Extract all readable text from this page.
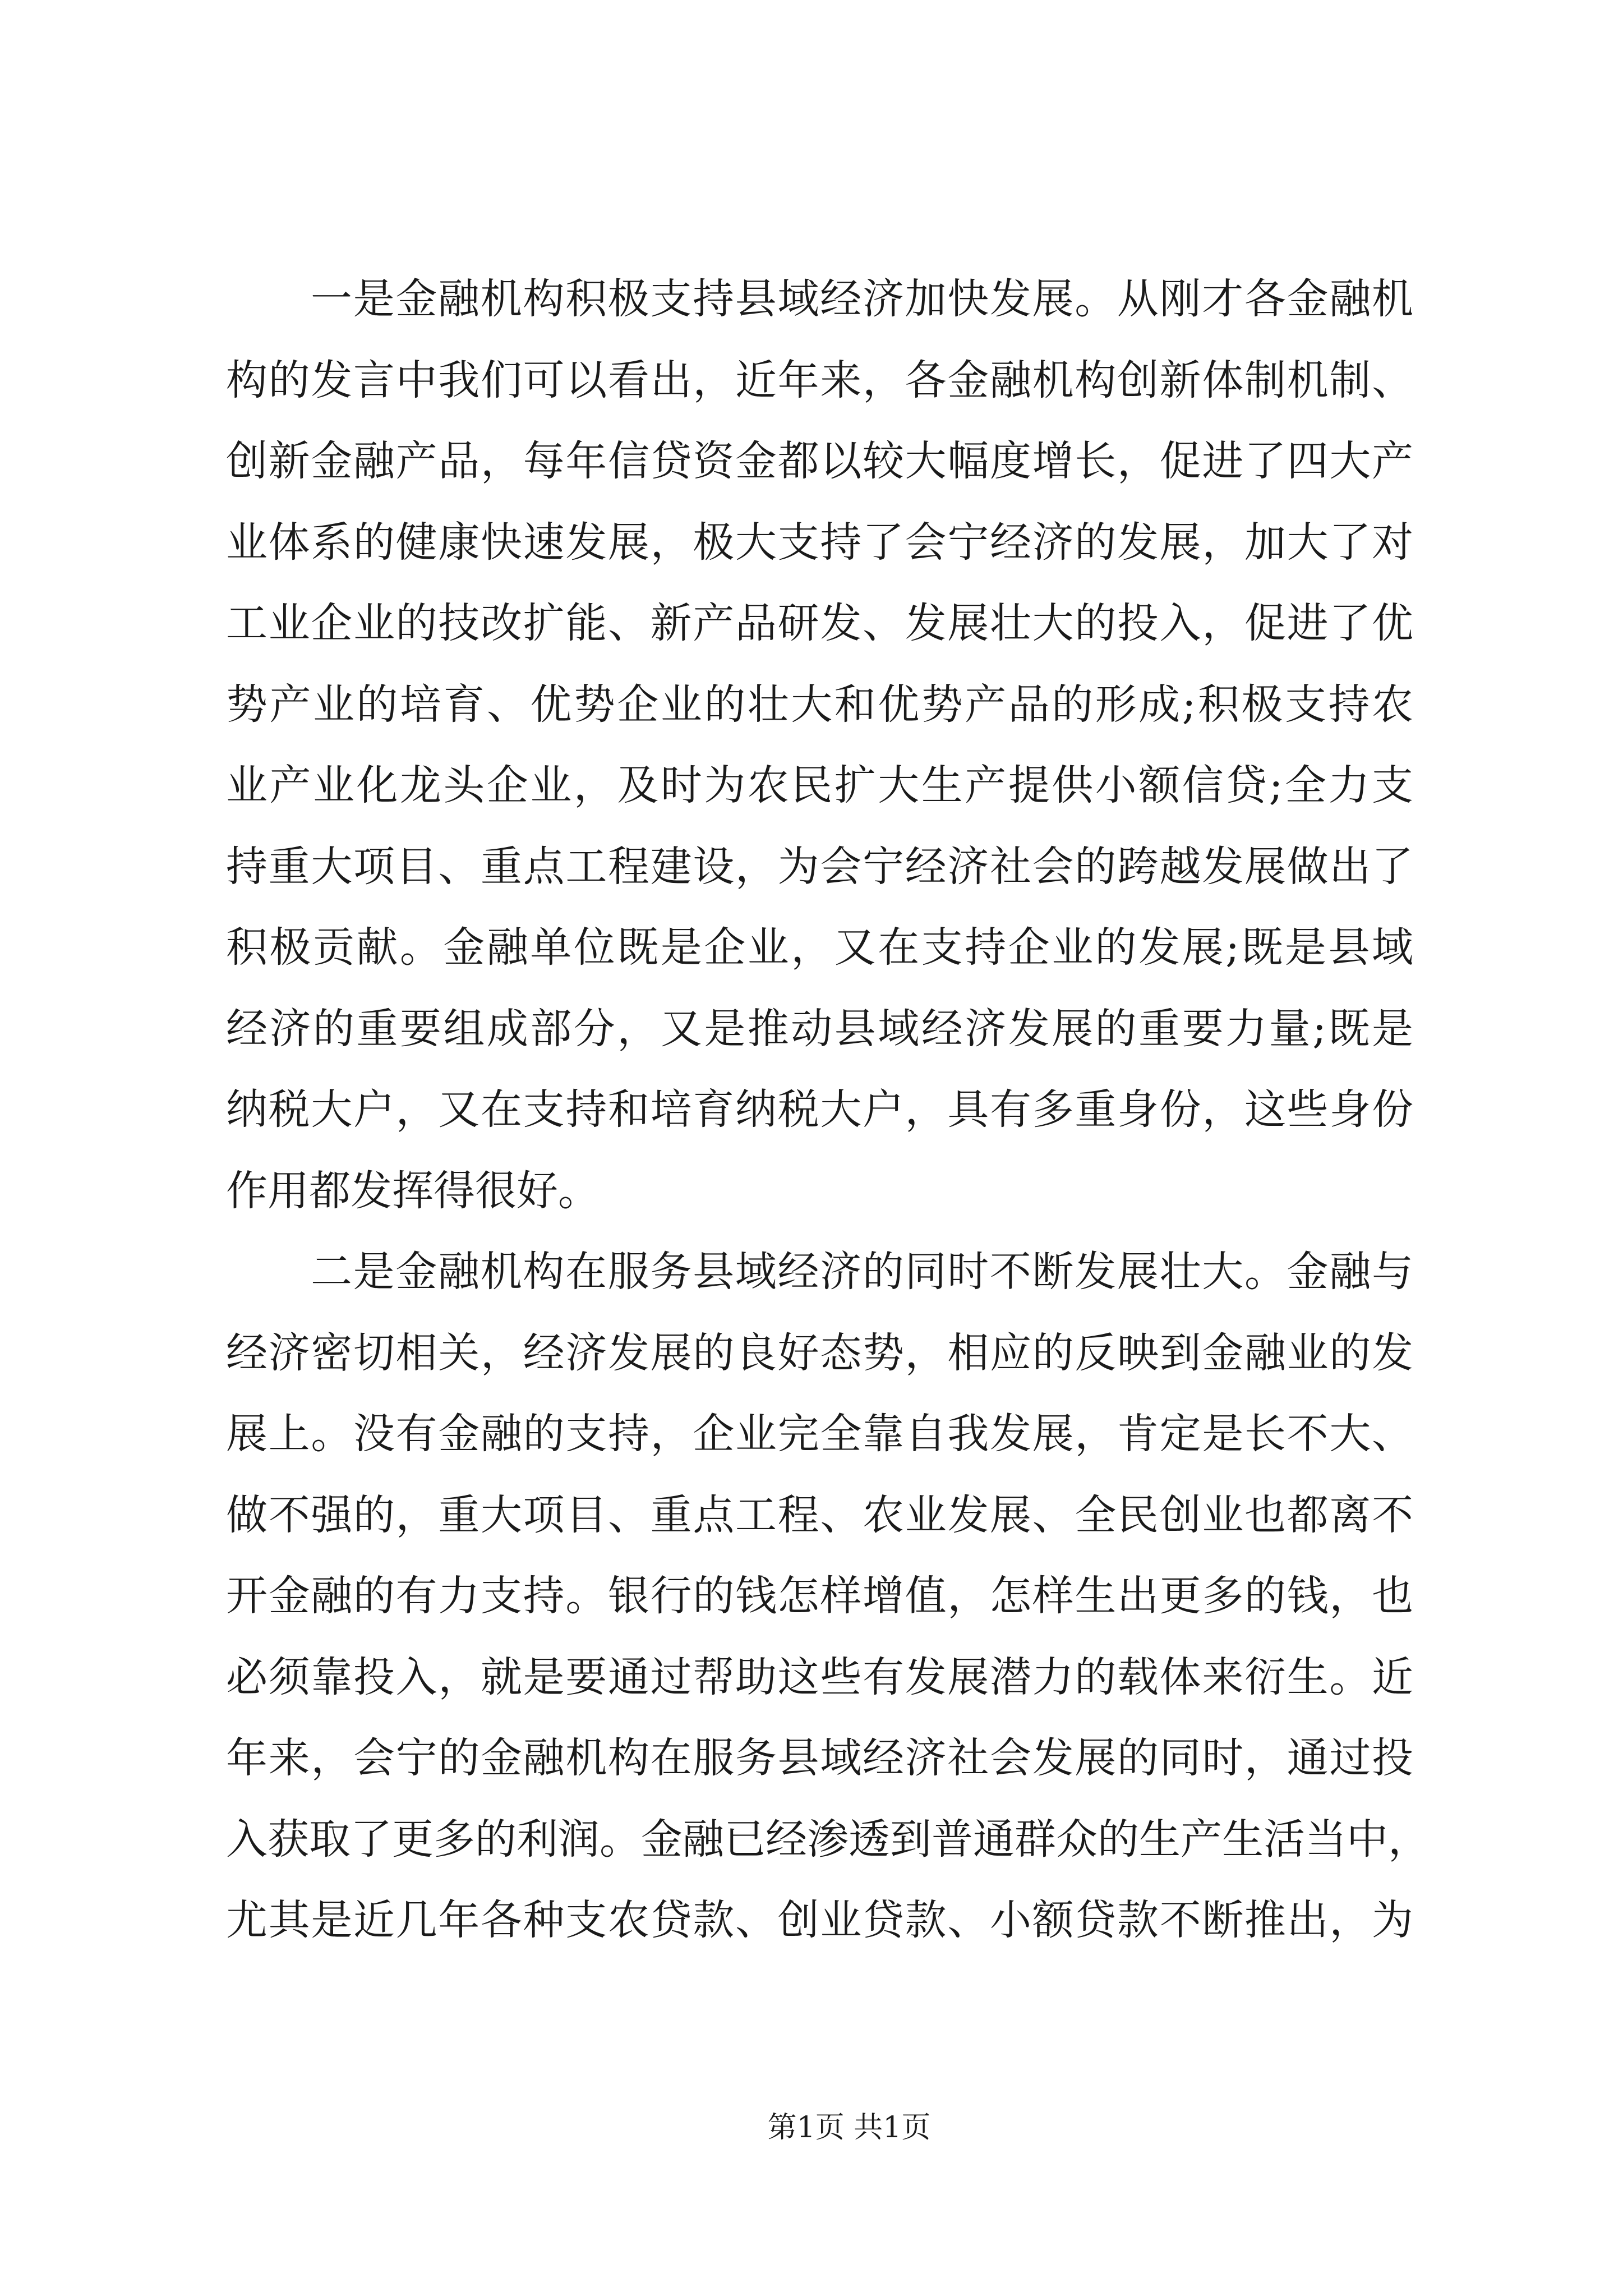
一是金融机构积极支持县域经济加快发展。从刚才各金融机
构的发言中我们可以看出，近年来，各金融机构创新体制机制、
创新金融产品，每年信贷资金都以较大幅度增长，促进了四大产
业体系的健康快速发展，极大支持了会宁经济的发展，加大了对
工业企业的技改扩能、新产品研发、发展壮大的投入，促进了优
势产业的培育、优势企业的壮大和优势产品的形成;积极支持农
业产业化龙头企业，及时为农民扩大生产提供小额信贷;全力支
持重大项目、重点工程建设，为会宁经济社会的跨越发展做出了
积极贡献。金融单位既是企业，又在支持企业的发展;既是县域
经济的重要组成部分，又是推动县域经济发展的重要力量;既是
纳税大户，又在支持和培育纳税大户，具有多重身份，这些身份
作用都发挥得很好。
二是金融机构在服务县域经济的同时不断发展壮大。金融与
经济密切相关，经济发展的良好态势，相应的反映到金融业的发
展上。没有金融的支持，企业完全靠自我发展，肯定是长不大、
做不强的，重大项目、重点工程、农业发展、全民创业也都离不
开金融的有力支持。银行的钱怎样增值，怎样生出更多的钱，也
必须靠投入，就是要通过帮助这些有发展潜力的载体来衍生。近
年来，会宁的金融机构在服务县域经济社会发展的同时，通过投
入获取了更多的利润。金融已经渗透到普通群众的生产生活当中，
尤其是近几年各种支农贷款、创业贷款、小额贷款不断推出，为
第1页 共1页
